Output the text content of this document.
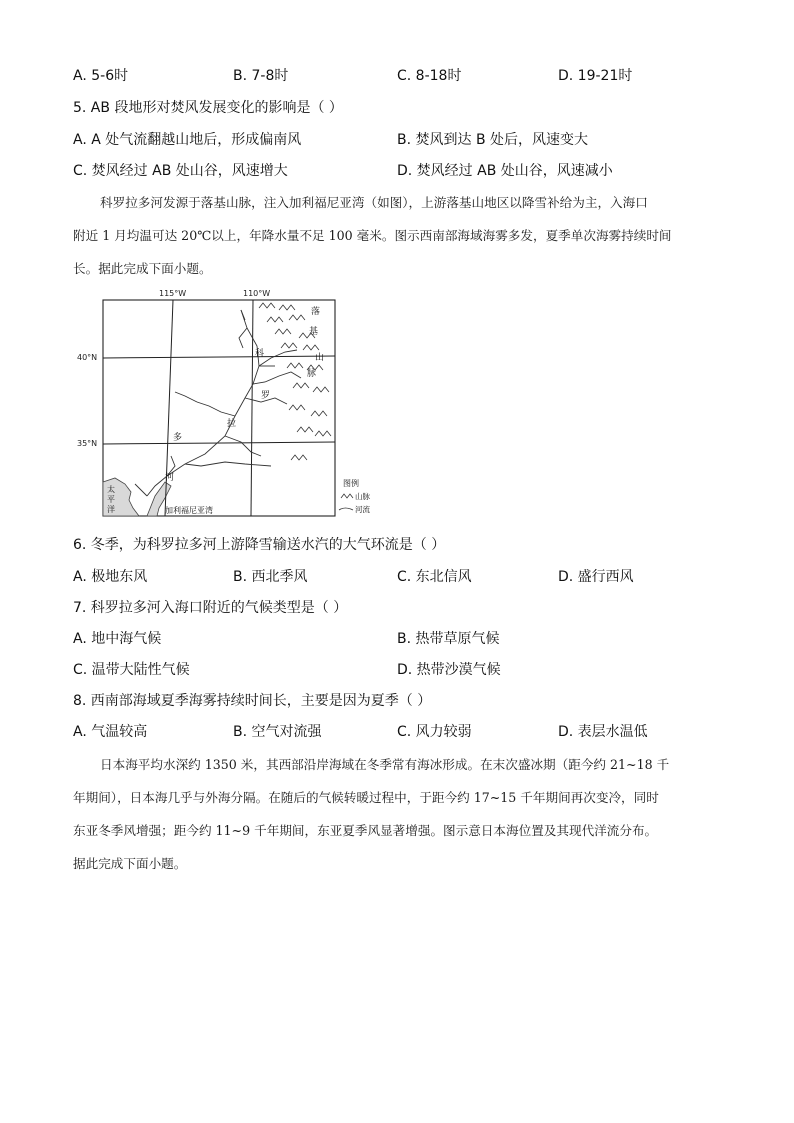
A. 5-6时	B. 7-8时	C. 8-18时	D. 19-21时
5. AB 段地形对焚风发展变化的影响是（ ）
A. A 处气流翻越山地后，形成偏南风	B. 焚风到达 B 处后，风速变大
C. 焚风经过 AB 处山谷，风速增大	D. 焚风经过 AB 处山谷，风速减小
科罗拉多河发源于落基山脉，注入加利福尼亚湾（如图），上游落基山地区以降雪补给为主，入海口
附近 1 月均温可达 20℃以上，年降水量不足 100 毫米。图示西南部海域海雾多发，夏季单次海雾持续时间
长。据此完成下面小题。
115°W	110°W
40°N
35°N
落
基
山
脉
科
罗
拉
多
河
太
平
洋	加利福尼亚湾
图例
山脉
河流
6. 冬季，为科罗拉多河上游降雪输送水汽的大气环流是（ ）
A. 极地东风	B. 西北季风	C. 东北信风	D. 盛行西风
7. 科罗拉多河入海口附近的气候类型是（ ）
A. 地中海气候	B. 热带草原气候
C. 温带大陆性气候	D. 热带沙漠气候
8. 西南部海域夏季海雾持续时间长，主要是因为夏季（ ）
A. 气温较高	B. 空气对流强	C. 风力较弱	D. 表层水温低
日本海平均水深约 1350 米，其西部沿岸海域在冬季常有海冰形成。在末次盛冰期（距今约 21~18 千
年期间），日本海几乎与外海分隔。在随后的气候转暖过程中，于距今约 17~15 千年期间再次变冷，同时
东亚冬季风增强；距今约 11~9 千年期间，东亚夏季风显著增强。图示意日本海位置及其现代洋流分布。
据此完成下面小题。
